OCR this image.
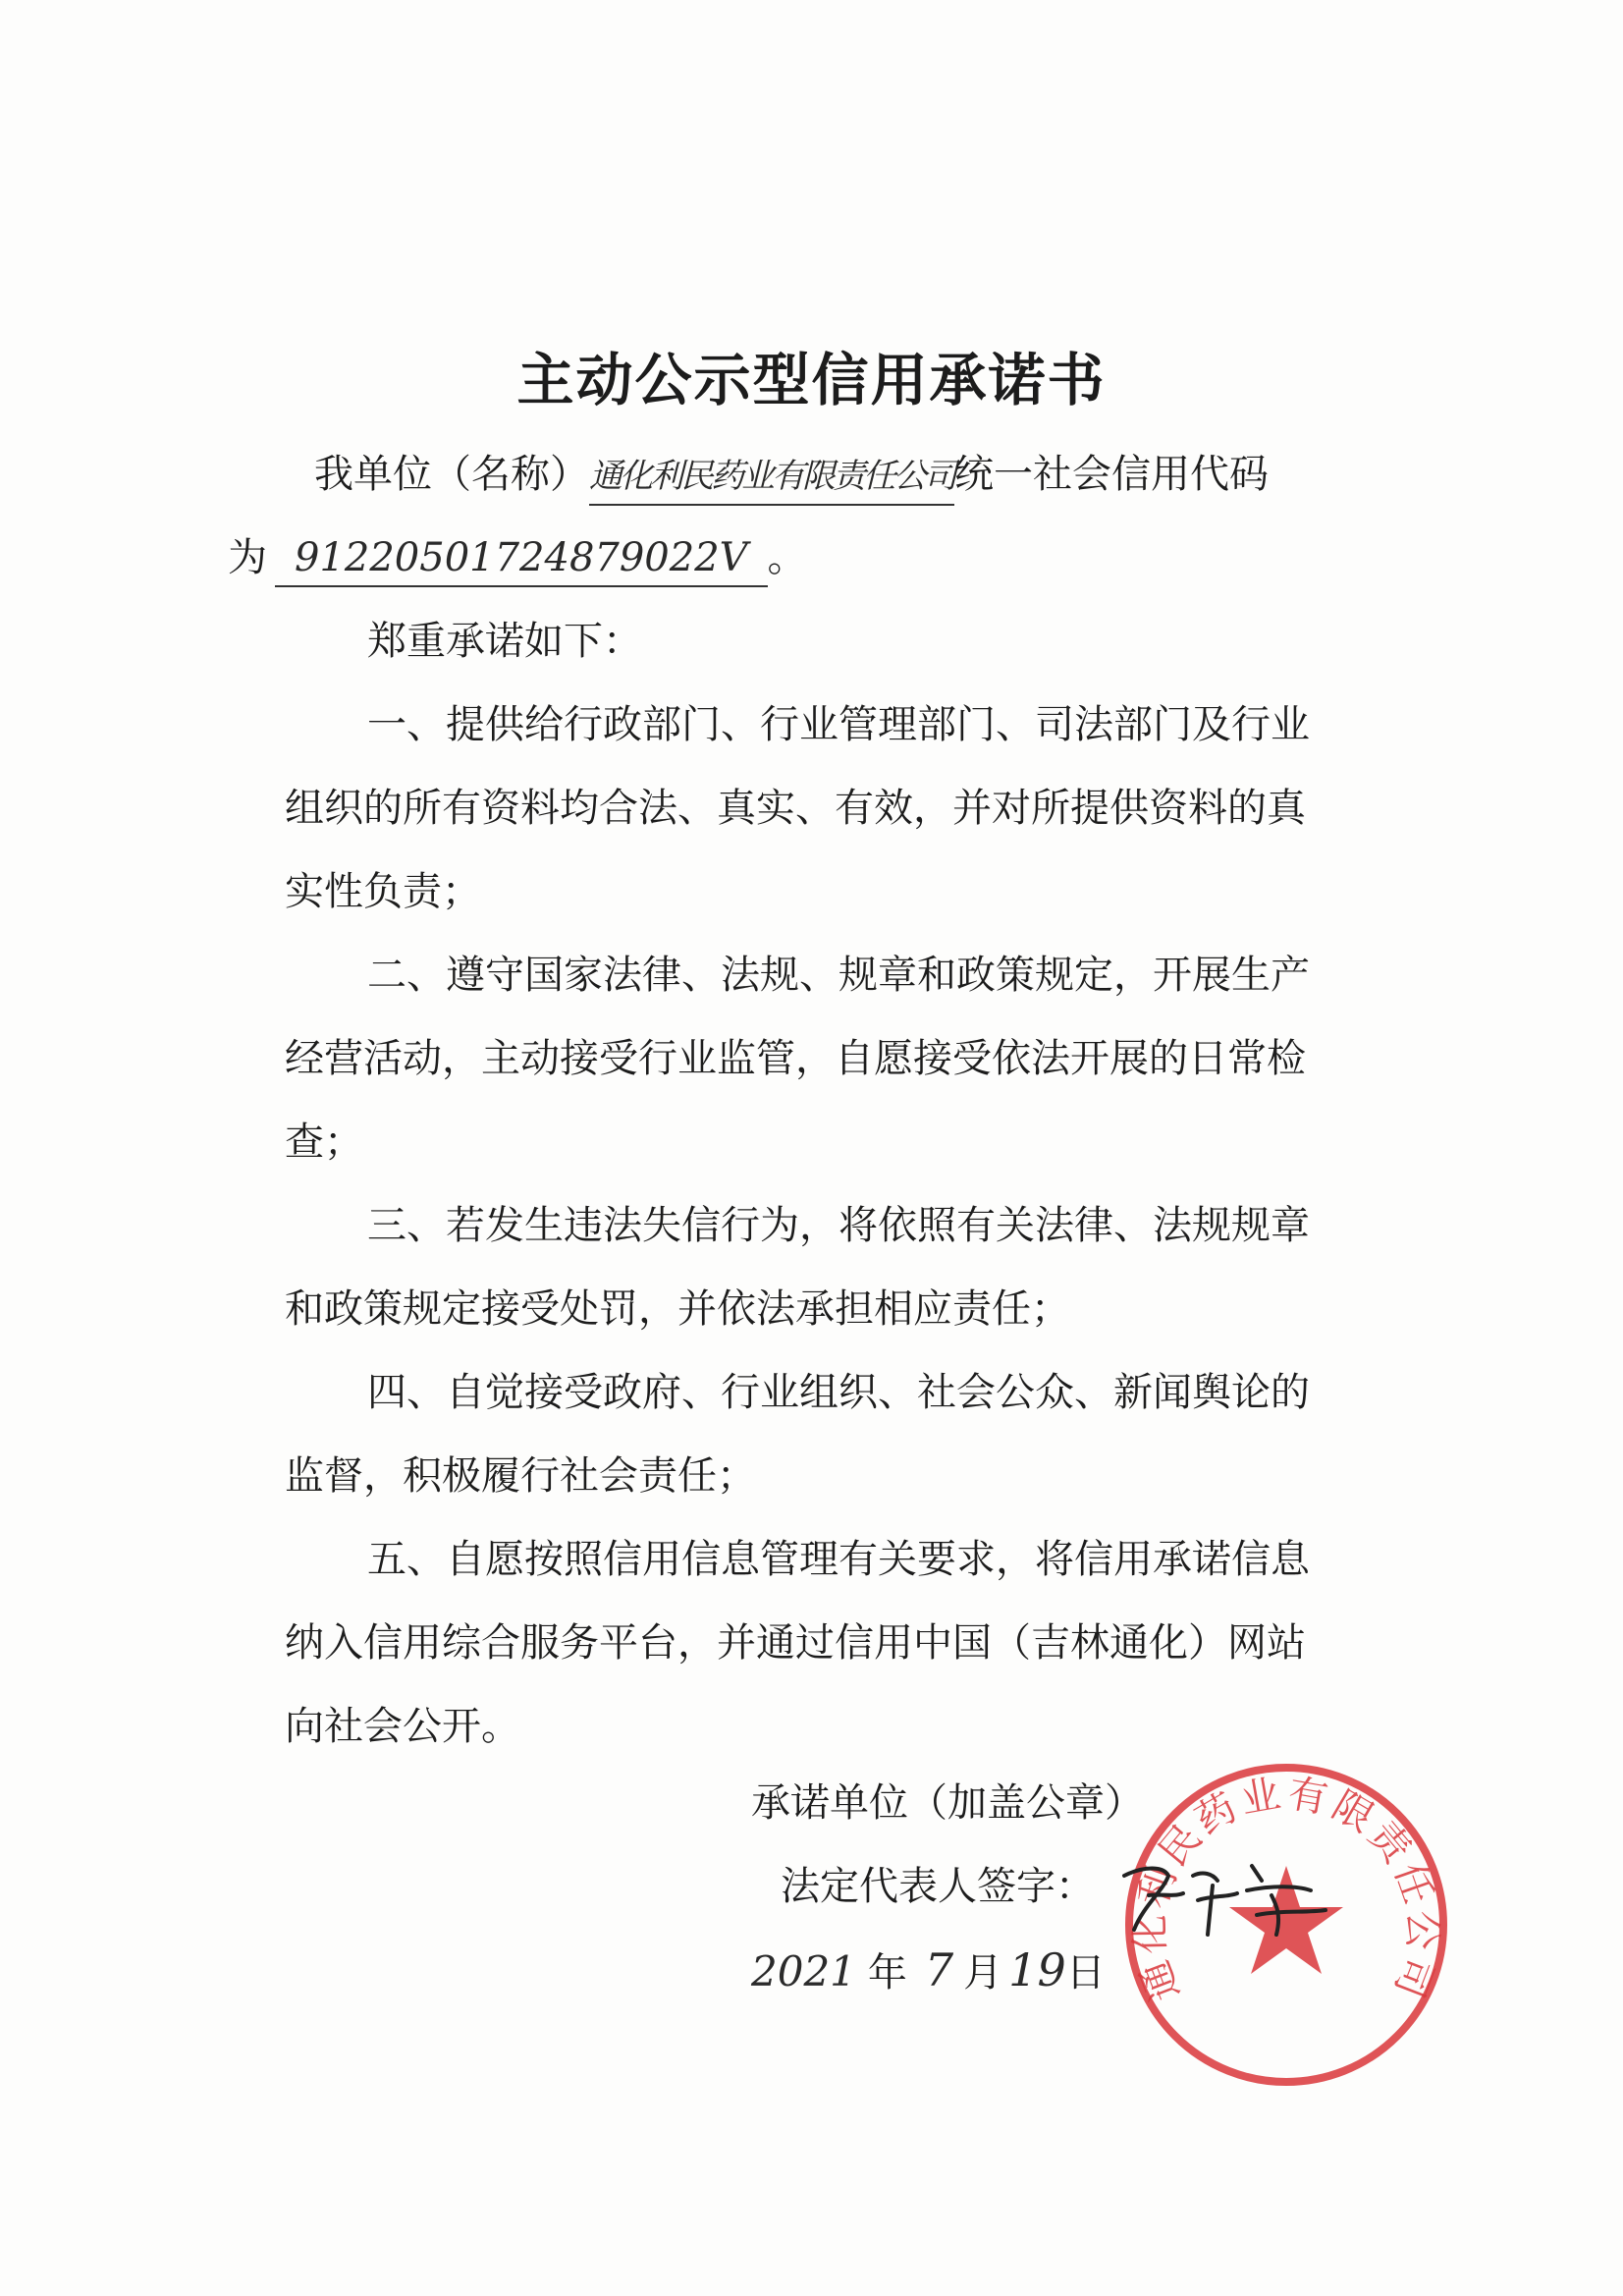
主动公示型信用承诺书
我单位（名称）通化利民药业有限责任公司统一社会信用代码
为 91220501724879022V 。
郑重承诺如下：
一、提供给行政部门、行业管理部门、司法部门及行业
组织的所有资料均合法、真实、有效，并对所提供资料的真
实性负责；
二、遵守国家法律、法规、规章和政策规定，开展生产
经营活动，主动接受行业监管，自愿接受依法开展的日常检
查；
三、若发生违法失信行为，将依照有关法律、法规规章
和政策规定接受处罚，并依法承担相应责任；
四、自觉接受政府、行业组织、社会公众、新闻舆论的
监督，积极履行社会责任；
五、自愿按照信用信息管理有关要求，将信用承诺信息
纳入信用综合服务平台，并通过信用中国（吉林通化）网站
向社会公开。
承诺单位（加盖公章）
法定代表人签字：
2021 年 7 月 19日 通化利民药业有限责任公司
